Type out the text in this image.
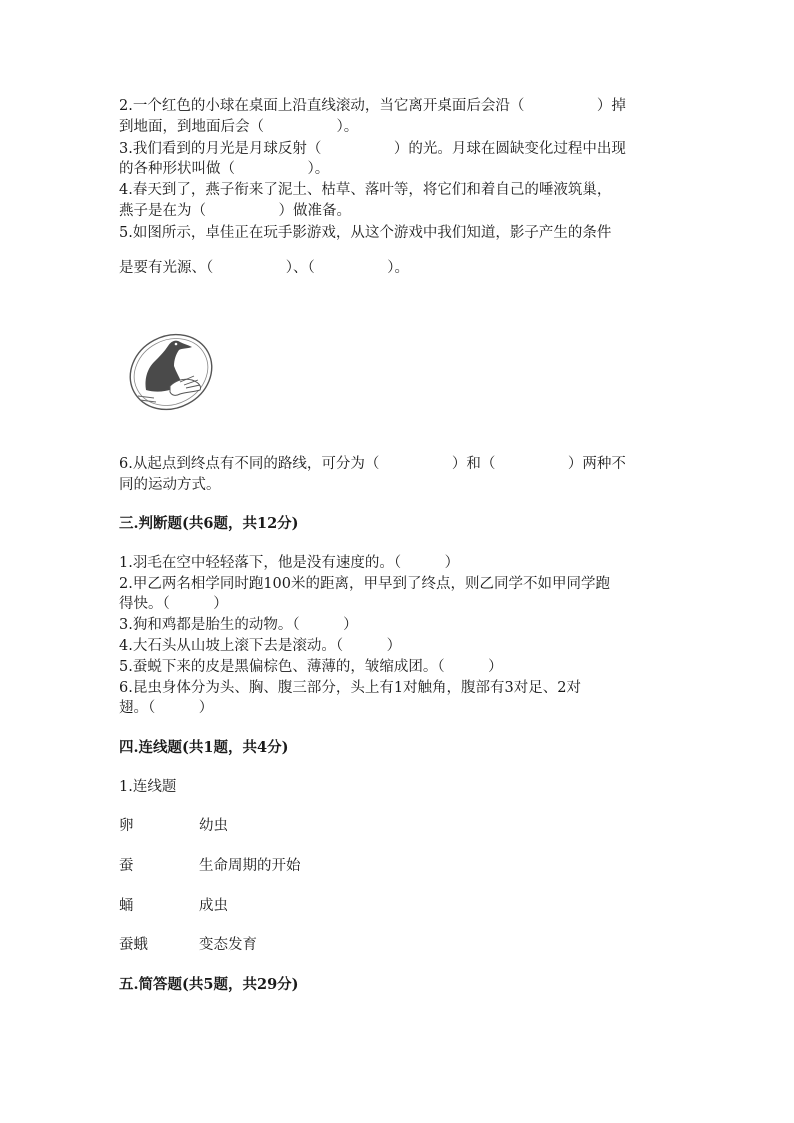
2.一个红色的小球在桌面上沿直线滚动，当它离开桌面后会沿（　　　　　）掉
到地面，到地面后会（　　　　　）。
3.我们看到的月光是月球反射（　　　　　）的光。月球在圆缺变化过程中出现
的各种形状叫做（　　　　　）。
4.春天到了，燕子衔来了泥土、枯草、落叶等，将它们和着自己的唾液筑巢，
燕子是在为（　　　　　）做准备。
5.如图所示，卓佳正在玩手影游戏，从这个游戏中我们知道，影子产生的条件
是要有光源、（　　　　　）、（　　　　　）。
6.从起点到终点有不同的路线，可分为（　　　　　）和（　　　　　）两种不
同的运动方式。
三.判断题(共6题，共12分)
1.羽毛在空中轻轻落下，他是没有速度的。（　　　）
2.甲乙两名相学同时跑100米的距离，甲早到了终点，则乙同学不如甲同学跑
得快。（　　　）
3.狗和鸡都是胎生的动物。（　　　）
4.大石头从山坡上滚下去是滚动。（　　　）
5.蚕蜕下来的皮是黑偏棕色、薄薄的，皱缩成团。（　　　）
6.昆虫身体分为头、胸、腹三部分，头上有1对触角，腹部有3对足、2对
翅。（　　　）
四.连线题(共1题，共4分)
1.连线题
卵	幼虫
蚕	生命周期的开始
蛹	成虫
蚕蛾	变态发育
五.简答题(共5题，共29分)
